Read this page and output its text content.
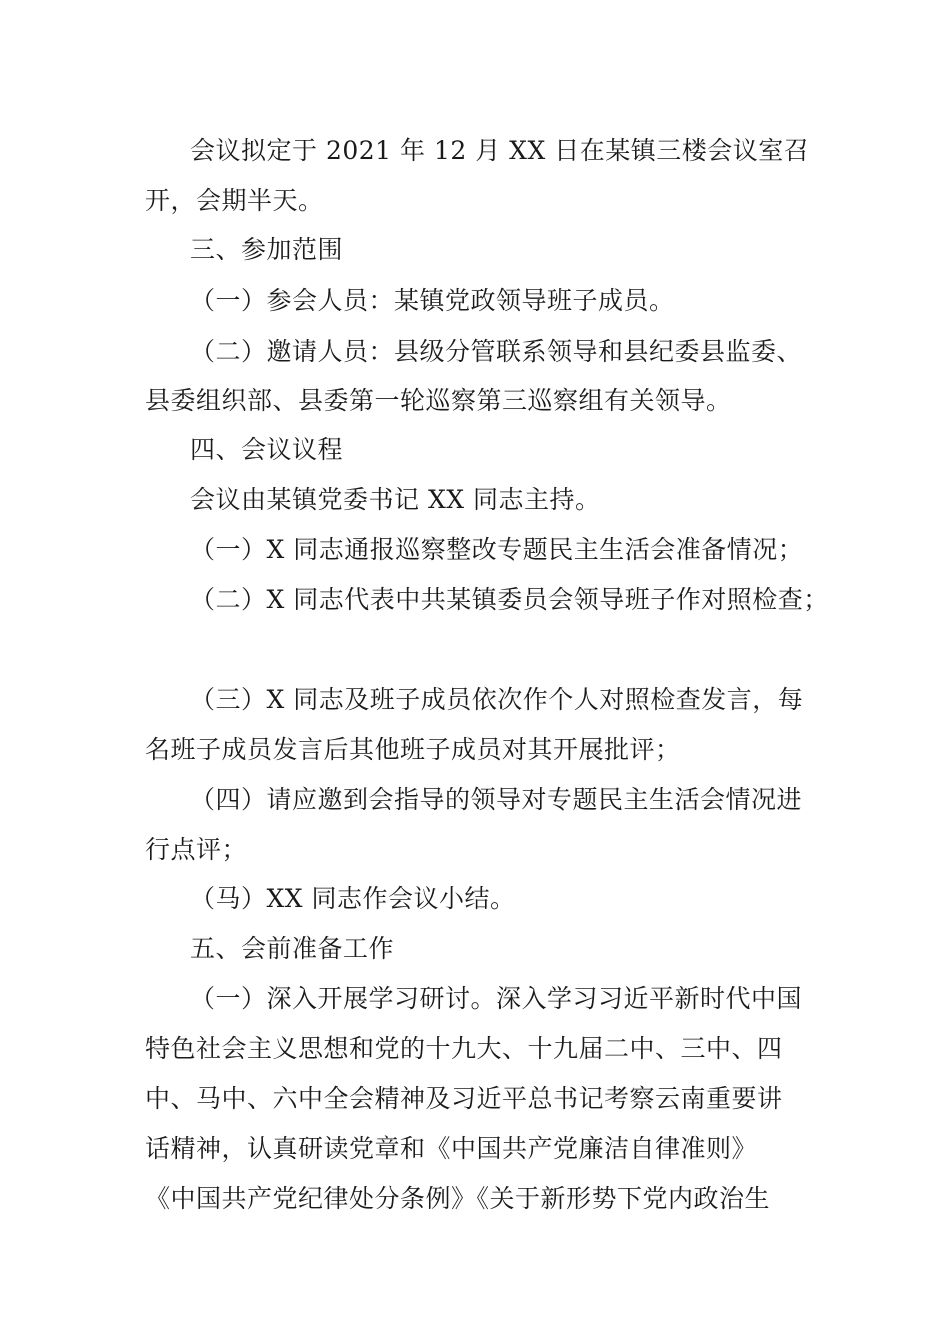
会议拟定于 2021 年 12 月 XX 日在某镇三楼会议室召
开，会期半天。
三、参加范围
（一）参会人员：某镇党政领导班子成员。
（二）邀请人员：县级分管联系领导和县纪委县监委、
县委组织部、县委第一轮巡察第三巡察组有关领导。
四、会议议程
会议由某镇党委书记 XX 同志主持。
（一）X 同志通报巡察整改专题民主生活会准备情况；
（二）X 同志代表中共某镇委员会领导班子作对照检查；
（三）X 同志及班子成员依次作个人对照检查发言，每
名班子成员发言后其他班子成员对其开展批评；
（四）请应邀到会指导的领导对专题民主生活会情况进
行点评；
（马）XX 同志作会议小结。
五、会前准备工作
（一）深入开展学习研讨。深入学习习近平新时代中国
特色社会主义思想和党的十九大、十九届二中、三中、四
中、马中、六中全会精神及习近平总书记考察云南重要讲
话精神，认真研读党章和《中国共产党廉洁自律准则》
《中国共产党纪律处分条例》《关于新形势下党内政治生
